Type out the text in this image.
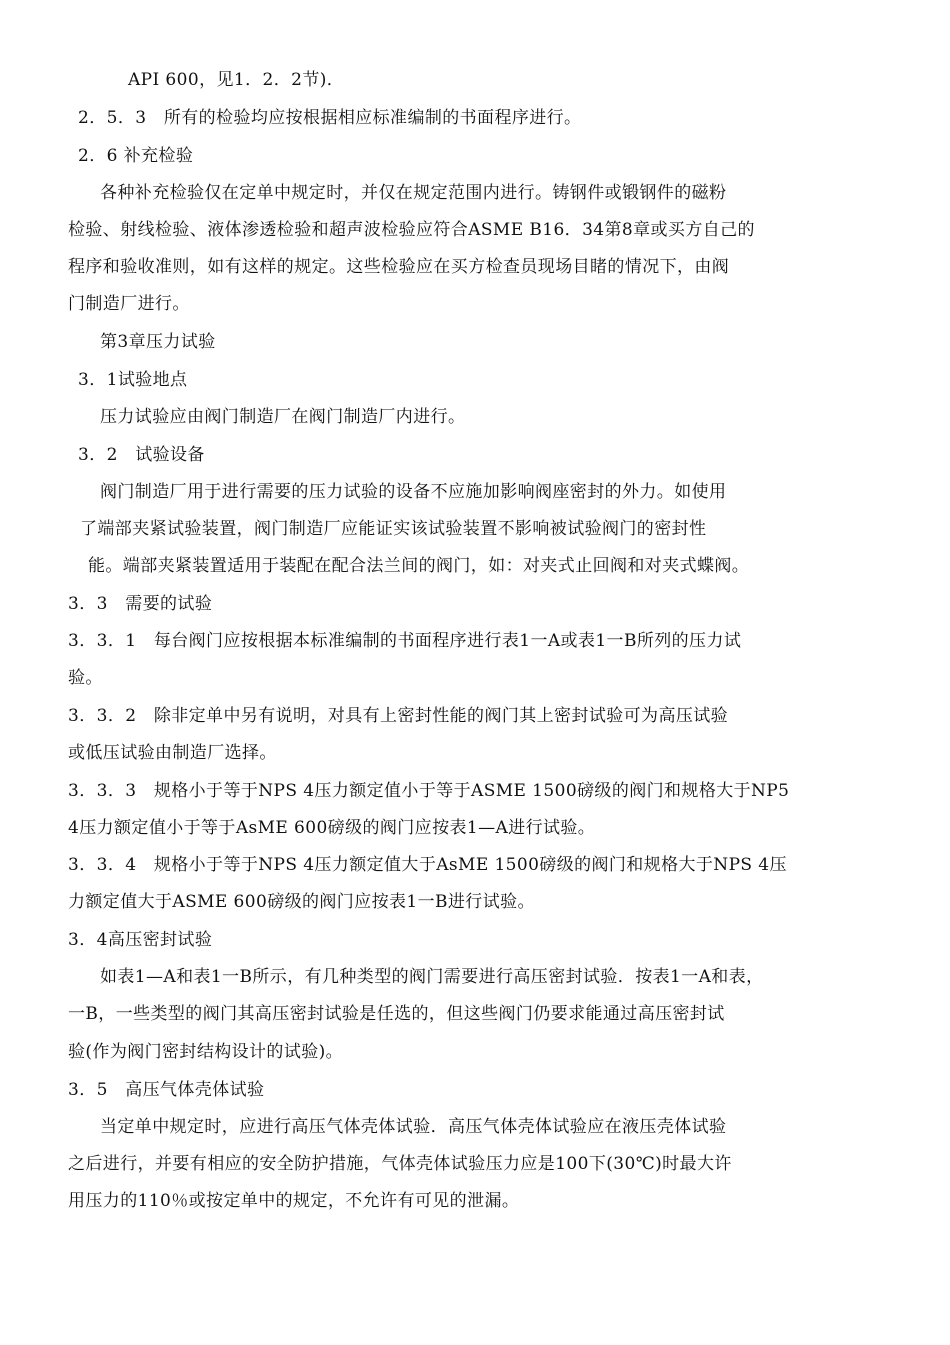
API 600，见1．2．2节)．
2．5．3　所有的检验均应按根据相应标准编制的书面程序进行。
2．6 补充检验
各种补充检验仅在定单中规定时，并仅在规定范围内进行。铸钢件或锻钢件的磁粉
检验、射线检验、液体渗透检验和超声波检验应符合ASME B16．34第8章或买方自己的
程序和验收准则，如有这样的规定。这些检验应在买方检查员现场目睹的情况下，由阀
门制造厂进行。
第3章压力试验
3．1试验地点
压力试验应由阀门制造厂在阀门制造厂内进行。
3．2　试验设备
阀门制造厂用于进行需要的压力试验的设备不应施加影响阀座密封的外力。如使用
了端部夹紧试验装置，阀门制造厂应能证实该试验装置不影响被试验阀门的密封性
能。端部夹紧装置适用于装配在配合法兰间的阀门，如：对夹式止回阀和对夹式蝶阀。
3．3　需要的试验
3．3．1　每台阀门应按根据本标准编制的书面程序进行表1一A或表1一B所列的压力试
验。
3．3．2　除非定单中另有说明，对具有上密封性能的阀门其上密封试验可为高压试验
或低压试验由制造厂选择。
3．3．3　规格小于等于NPS 4压力额定值小于等于ASME 1500磅级的阀门和规格大于NP5
4压力额定值小于等于AsME 600磅级的阀门应按表1—A进行试验。
3．3．4　规格小于等于NPS 4压力额定值大于AsME 1500磅级的阀门和规格大于NPS 4压
力额定值大于ASME 600磅级的阀门应按表1一B进行试验。
3．4高压密封试验
如表1—A和表1一B所示，有几种类型的阀门需要进行高压密封试验．按表1一A和表，
一B，一些类型的阀门其高压密封试验是任选的，但这些阀门仍要求能通过高压密封试
验(作为阀门密封结构设计的试验)。
3．5　高压气体壳体试验
当定单中规定时，应进行高压气体壳体试验．高压气体壳体试验应在液压壳体试验
之后进行，并要有相应的安全防护措施，气体壳体试验压力应是100下(30℃)时最大许
用压力的110％或按定单中的规定，不允许有可见的泄漏。
